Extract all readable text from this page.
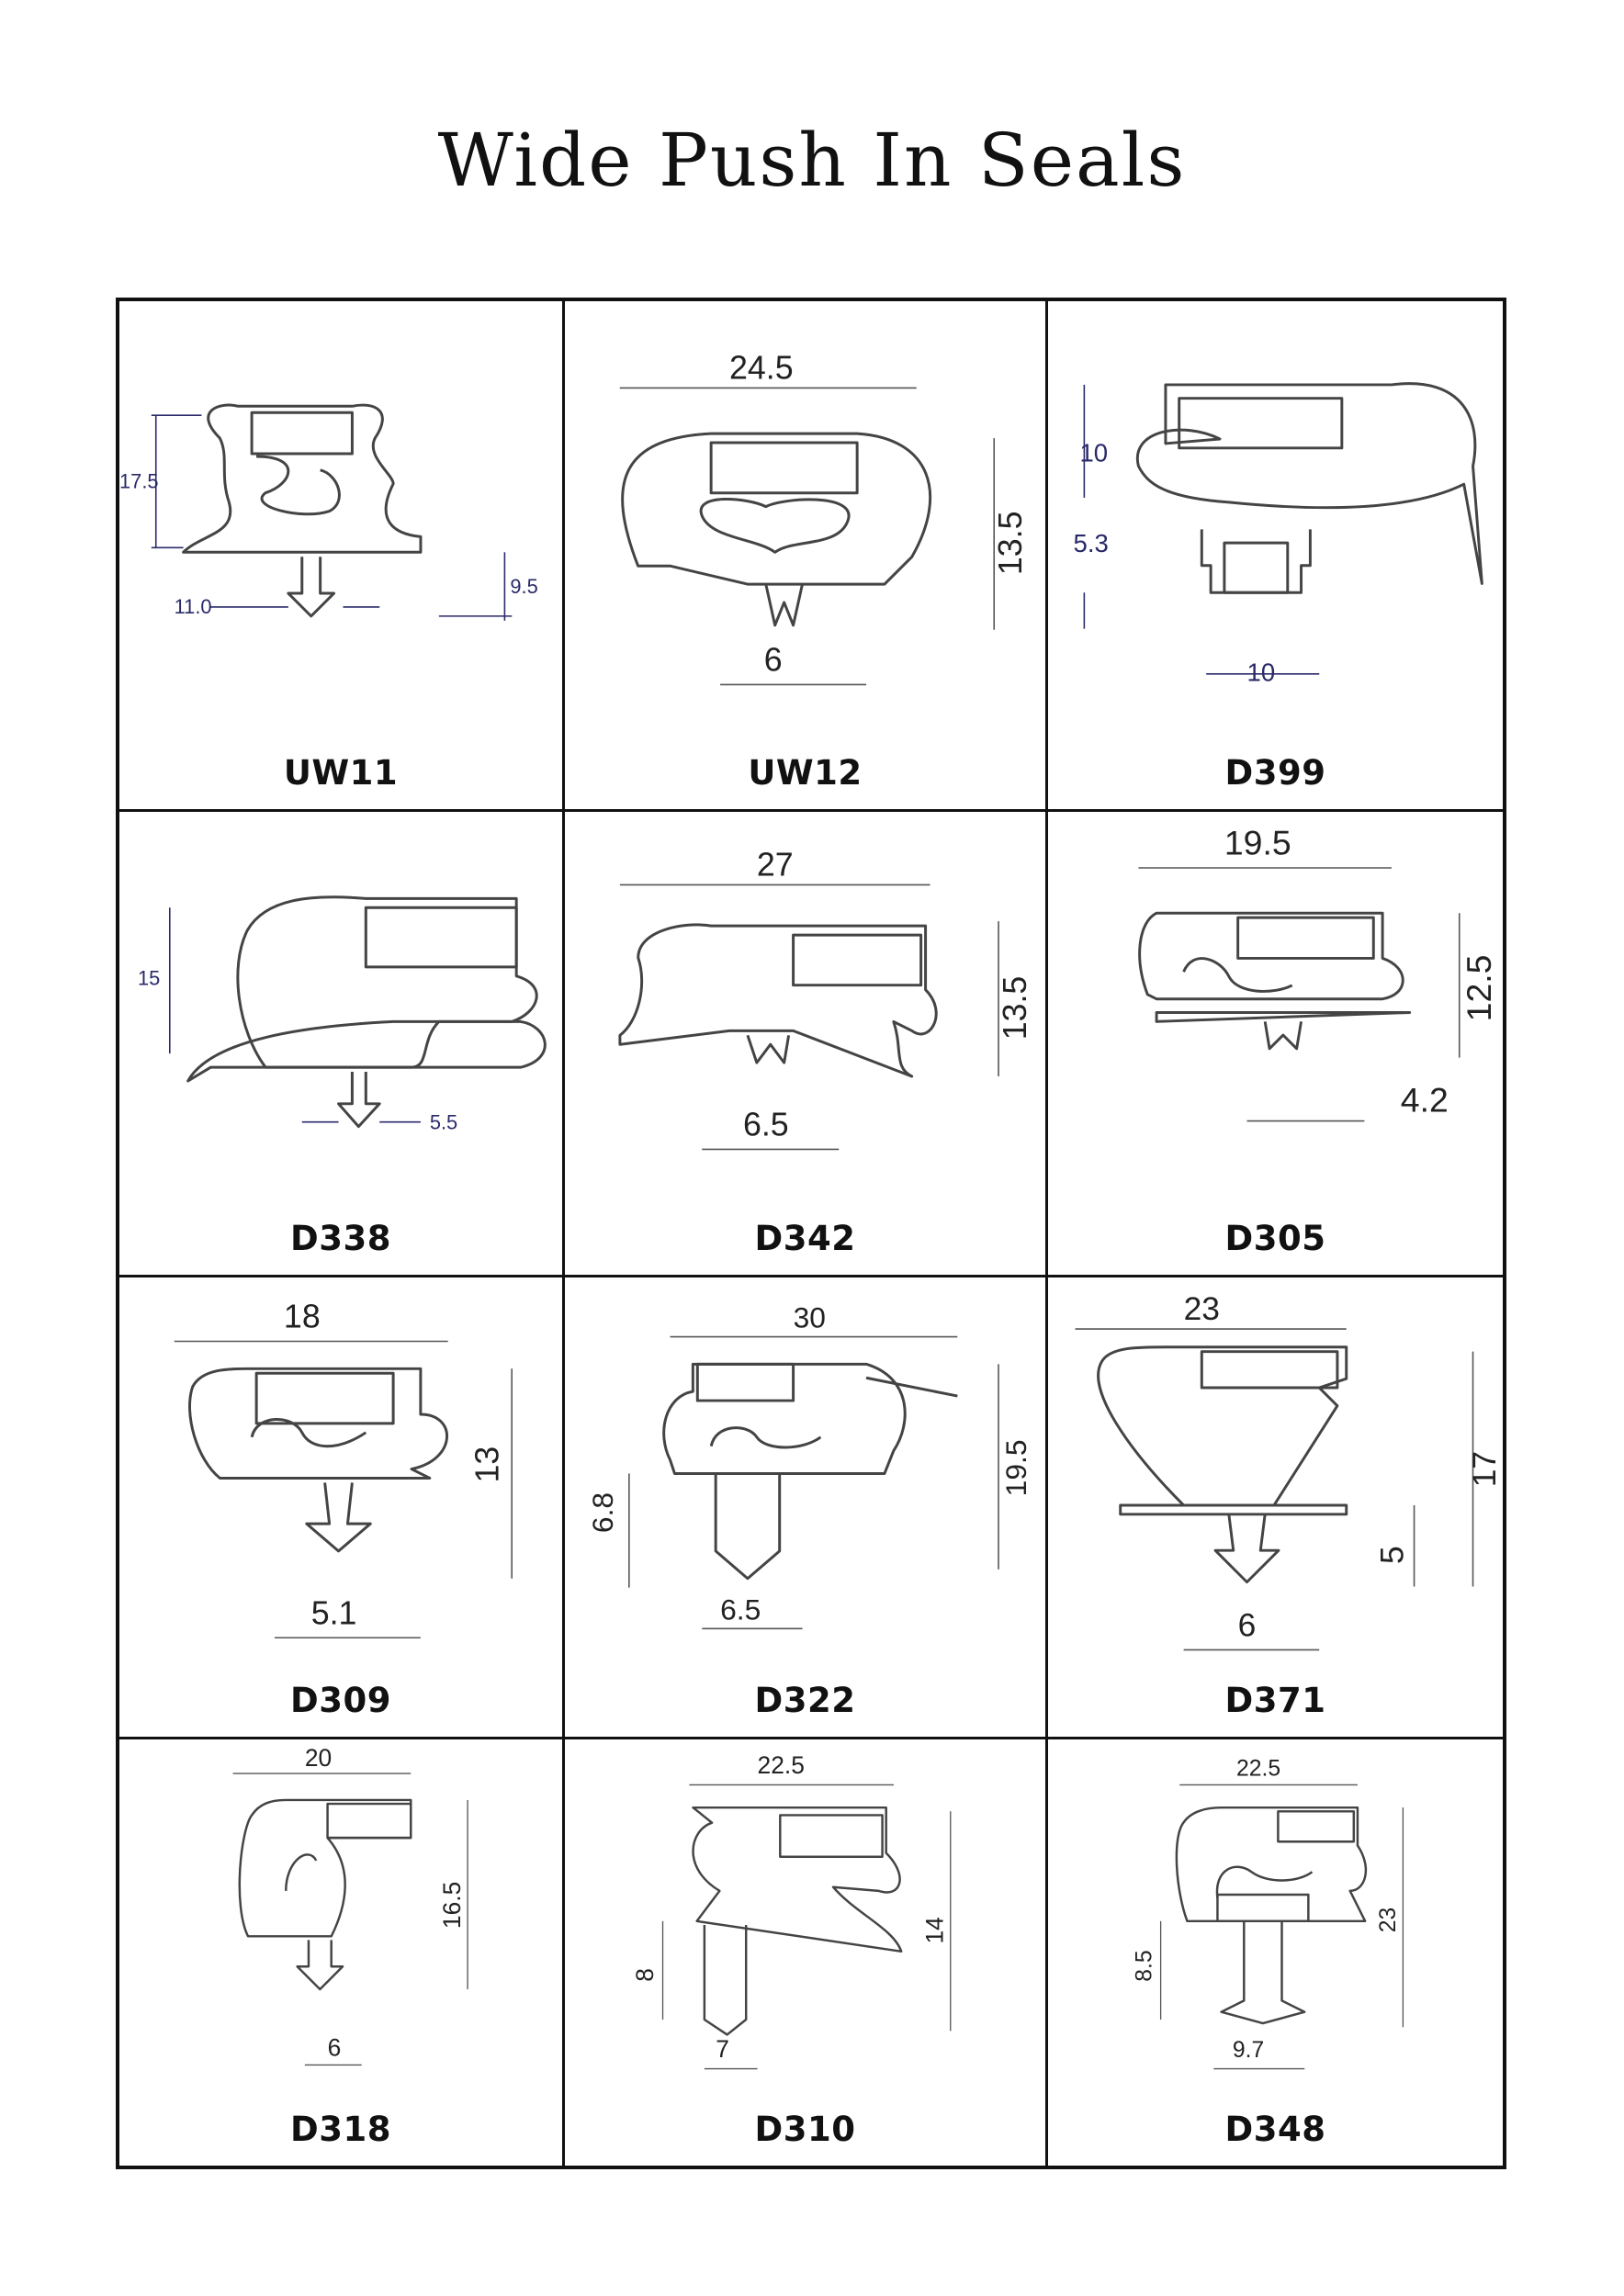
Wide Push In Seals
17.5
11.0
9.5
UW11
24.5
13.5
6
UW12
10
5.3
10
D399
15
5.5
D338
27
13.5
6.5
D342
19.5
12.5
4.2
D305
18
13
5.1
D309
30
19.5
6.8
6.5
D322
23
17
5
6
D371
20
16.5
6
D318
22.5
14
8
7
D310
22.5
23
8.5
9.7
D348
